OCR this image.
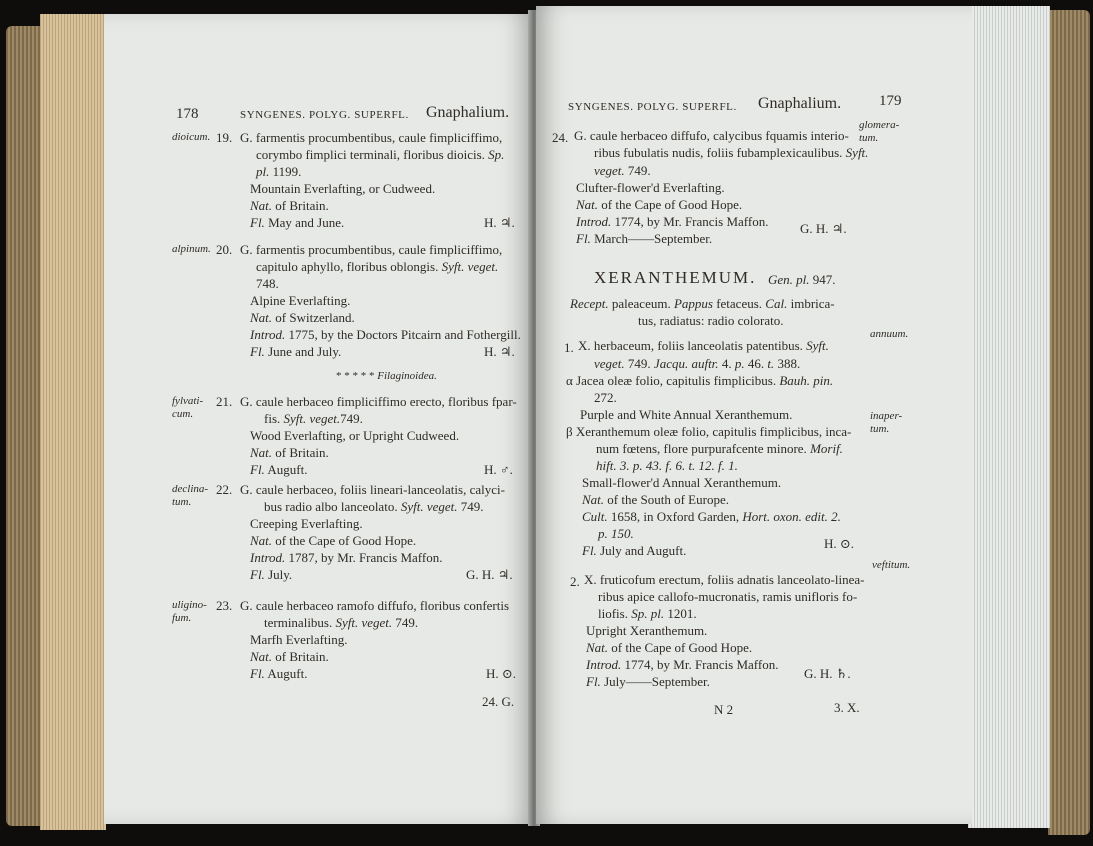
178	SYNGENES. POLYG. SUPERFL. Gnaphalium.
dioicum. 19. G. farmentis procumbentibus, caule fimpliciffimo,
corymbo fimplici terminali, floribus dioicis. Sp.
pl. 1199.
Mountain Everlafting, or Cudweed.
Nat. of Britain.
Fl. May and June.	H. ♃.
alpinum. 20. G. farmentis procumbentibus, caule fimpliciffimo,
capitulo aphyllo, floribus oblongis. Syft. veget.
748.
Alpine Everlafting.
Nat. of Switzerland.
Introd. 1775, by the Doctors Pitcairn and Fothergill.
Fl. June and July.	H. ♃.
* * * * * Filaginoidea.
fylvati-
cum.
21. G. caule herbaceo fimpliciffimo erecto, floribus fpar-
fis. Syft. veget.749.
Wood Everlafting, or Upright Cudweed.
Nat. of Britain.
Fl. Auguft.	H. ♂.
declina-
tum.
22. G. caule herbaceo, foliis lineari-lanceolatis, calyci-
bus radio albo lanceolato. Syft. veget. 749.
Creeping Everlafting.
Nat. of the Cape of Good Hope.
Introd. 1787, by Mr. Francis Maffon.
Fl. July.	G. H. ♃.
uligino-
fum.
23. G. caule herbaceo ramofo diffufo, floribus confertis
terminalibus. Syft. veget. 749.
Marfh Everlafting.
Nat. of Britain.
Fl. Auguft.	H. ⊙.
24. G.
SYNGENES. POLYG. SUPERFL. Gnaphalium.	179
24. G. caule herbaceo diffufo, calycibus fquamis interio-
ribus fubulatis nudis, foliis fubamplexicaulibus. Syft.
veget. 749.
glomera-
tum.
Clufter-flower'd Everlafting.
Nat. of the Cape of Good Hope.
Introd. 1774, by Mr. Francis Maffon.
Fl. March——September.
G. H. ♃.
XERANTHEMUM. Gen. pl. 947.
Recept. paleaceum. Pappus fetaceus. Cal. imbrica-
tus, radiatus: radio colorato.
1. X. herbaceum, foliis lanceolatis patentibus. Syft.
annuum.
veget. 749. Jacqu. auftr. 4. p. 46. t. 388.
α Jacea oleæ folio, capitulis fimplicibus. Bauh. pin.
272.
Purple and White Annual Xeranthemum.
β Xeranthemum oleæ folio, capitulis fimplicibus, inca-
inaper-
tum.
num fœtens, flore purpurafcente minore. Morif.
hift. 3. p. 43. f. 6. t. 12. f. 1.
Small-flower'd Annual Xeranthemum.
Nat. of the South of Europe.
Cult. 1658, in Oxford Garden, Hort. oxon. edit. 2.
p. 150.
Fl. July and Auguft.	H. ⊙.
2. X. fruticofum erectum, foliis adnatis lanceolato-linea-
veftitum.
ribus apice callofo-mucronatis, ramis unifloris fo-
liofis. Sp. pl. 1201.
Upright Xeranthemum.
Nat. of the Cape of Good Hope.
Introd. 1774, by Mr. Francis Maffon.
Fl. July——September.
G. H. ♄.
N 2	3. X.
